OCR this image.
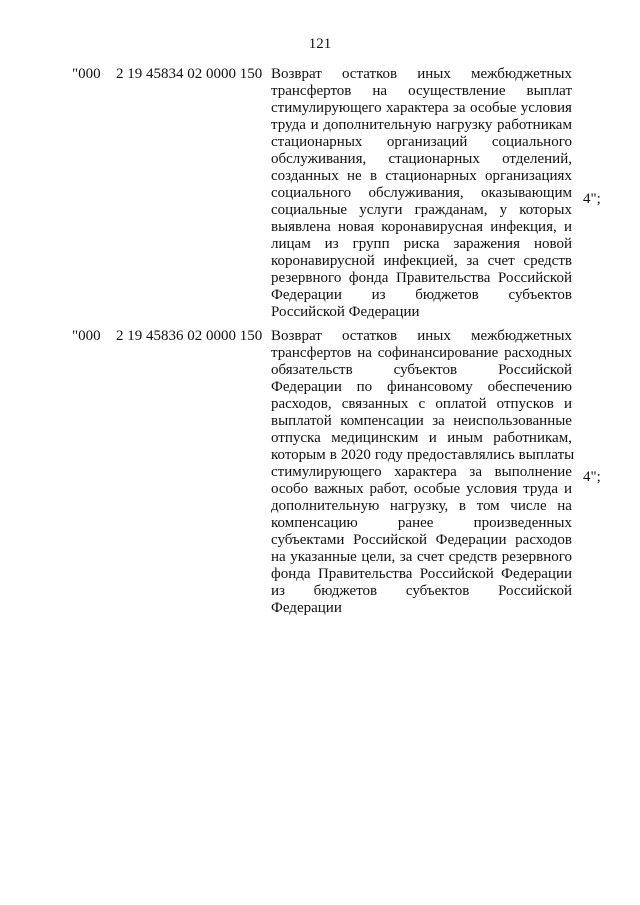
121
"000 2 19 45834 02 0000 150 Возврат остатков иных межбюджетных
трансфертов на осуществление выплат
стимулирующего характера за особые условия
труда и дополнительную нагрузку работникам
стационарных организаций социального
обслуживания, стационарных отделений,
созданных не в стационарных организациях
социального обслуживания, оказывающим
социальные услуги гражданам, у которых
выявлена новая коронавирусная инфекция, и
лицам из групп риска заражения новой
коронавирусной инфекцией, за счет средств
резервного фонда Правительства Российской
Федерации из бюджетов субъектов
Российской Федерации
4";
"000 2 19 45836 02 0000 150 Возврат остатков иных межбюджетных
трансфертов на софинансирование расходных
обязательств	субъектов	Российской
Федерации по финансовому обеспечению
расходов, связанных с оплатой отпусков и
выплатой компенсации за неиспользованные
отпуска медицинским и иным работникам,
которым в 2020 году предоставлялись выплаты
стимулирующего характера за выполнение
особо важных работ, особые условия труда и
дополнительную нагрузку, в том числе на
компенсацию	ранее	произведенных
субъектами Российской Федерации расходов
на указанные цели, за счет средств резервного
фонда Правительства Российской Федерации
из бюджетов субъектов Российской
Федерации
4";
